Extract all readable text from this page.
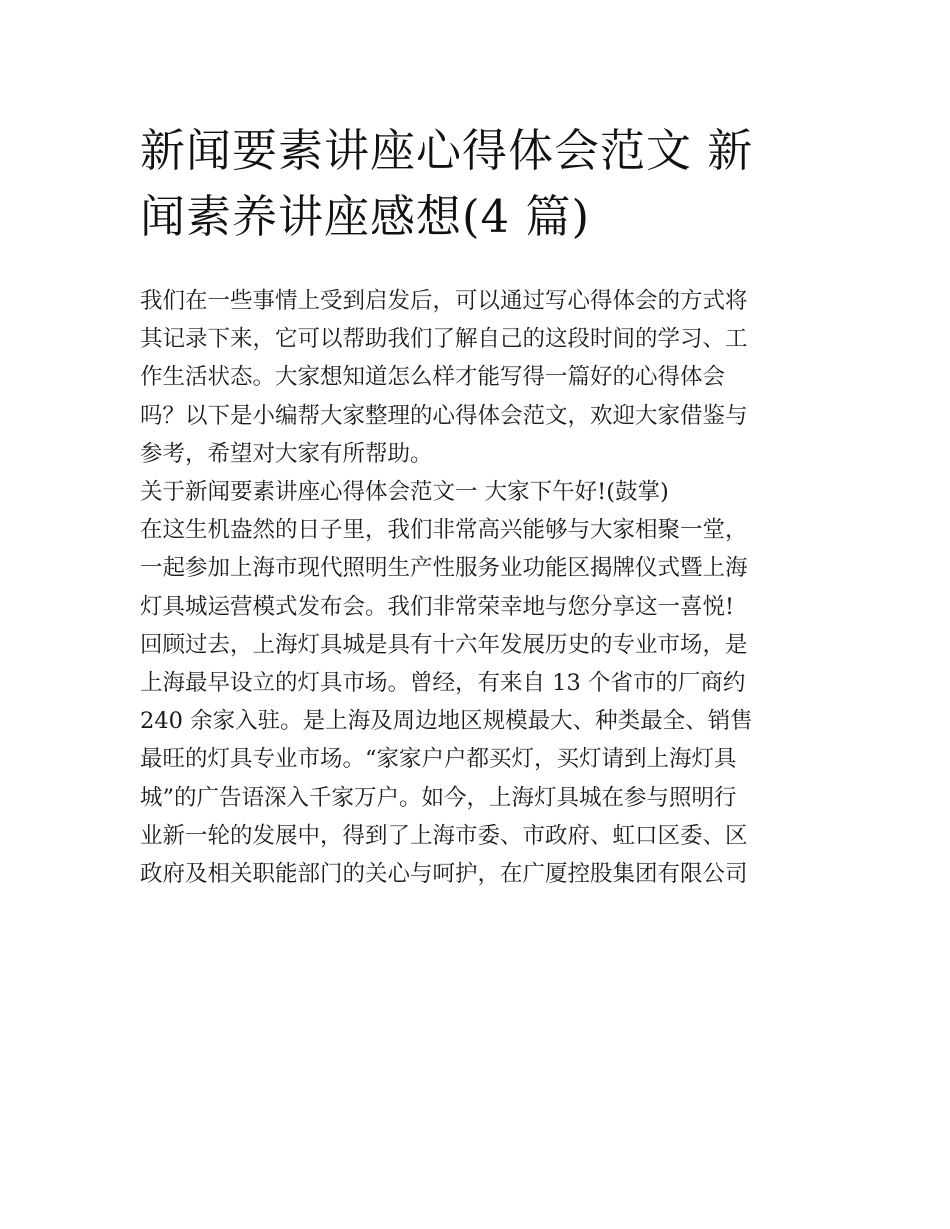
新闻要素讲座心得体会范文 新
闻素养讲座感想(4 篇)

我们在一些事情上受到启发后，可以通过写心得体会的方式将

其记录下来，它可以帮助我们了解自己的这段时间的学习、工

作生活状态。大家想知道怎么样才能写得一篇好的心得体会

吗？以下是小编帮大家整理的心得体会范文，欢迎大家借鉴与

参考，希望对大家有所帮助。

关于新闻要素讲座心得体会范文一 大家下午好!(鼓掌)

在这生机盎然的日子里，我们非常高兴能够与大家相聚一堂，

一起参加上海市现代照明生产性服务业功能区揭牌仪式暨上海

灯具城运营模式发布会。我们非常荣幸地与您分享这一喜悦!

回顾过去，上海灯具城是具有十六年发展历史的专业市场，是

上海最早设立的灯具市场。曾经，有来自 13 个省市的厂商约

240 余家入驻。是上海及周边地区规模最大、种类最全、销售

最旺的灯具专业市场。“家家户户都买灯，买灯请到上海灯具

城”的广告语深入千家万户。如今，上海灯具城在参与照明行

业新一轮的发展中，得到了上海市委、市政府、虹口区委、区

政府及相关职能部门的关心与呵护，在广厦控股集团有限公司
